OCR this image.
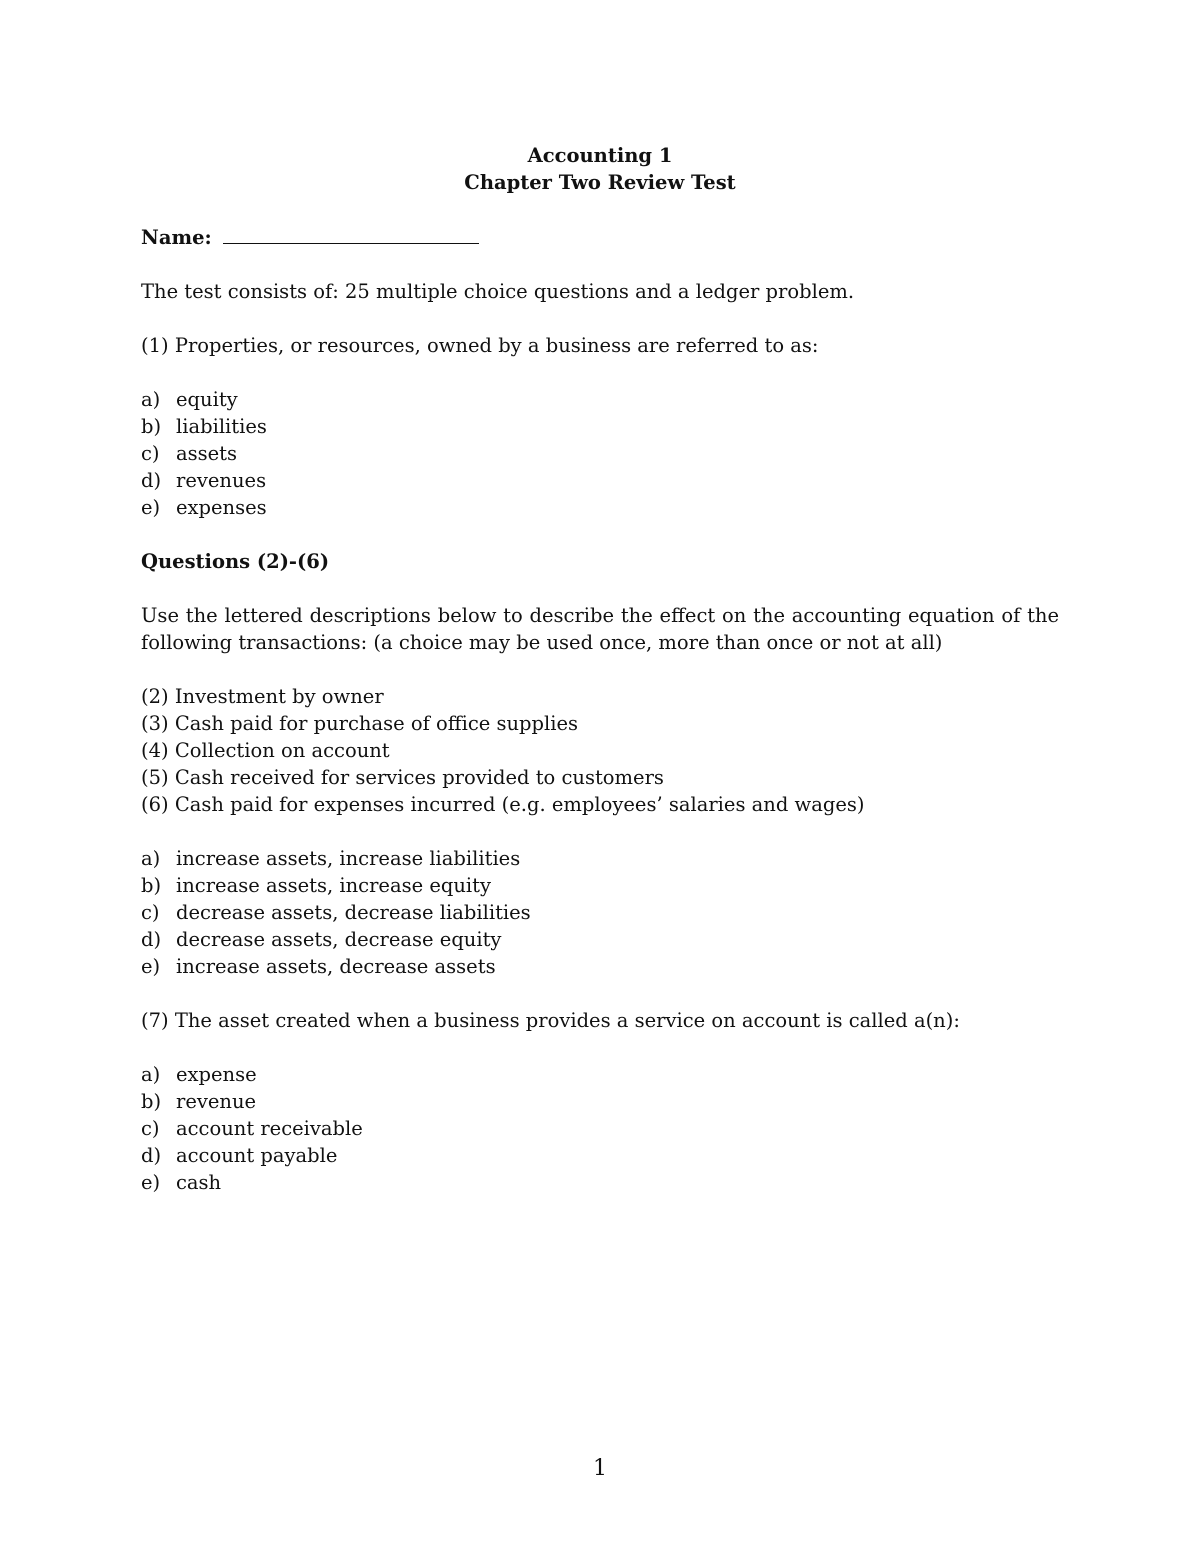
Accounting 1

Chapter Two Review Test

Name:

The test consists of: 25 multiple choice questions and a ledger problem.

(1) Properties, or resources, owned by a business are referred to as:

a) equity
b) liabilities
c) assets
d) revenues
e) expenses

Questions (2)-(6)

Use the lettered descriptions below to describe the effect on the accounting equation of the following transactions: (a choice may be used once, more than once or not at all)

(2) Investment by owner
(3) Cash paid for purchase of office supplies
(4) Collection on account
(5) Cash received for services provided to customers
(6) Cash paid for expenses incurred (e.g. employees’ salaries and wages)
a) increase assets, increase liabilities
b) increase assets, increase equity
c) decrease assets, decrease liabilities
d) decrease assets, decrease equity
e) increase assets, decrease assets

(7) The asset created when a business provides a service on account is called a(n):

a) expense
b) revenue
c) account receivable
d) account payable
e) cash
1
